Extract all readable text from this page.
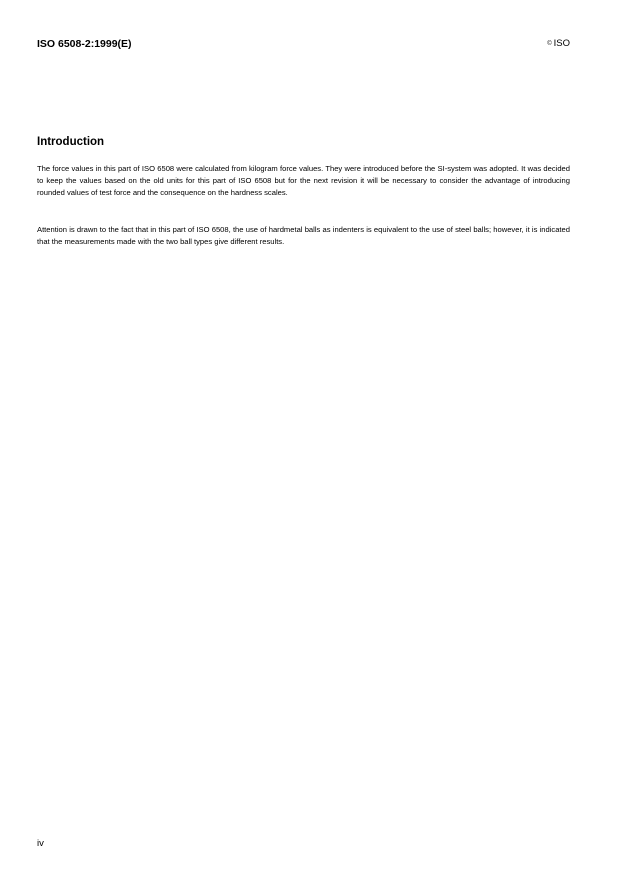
ISO 6508-2:1999(E)	© ISO
Introduction

The force values in this part of ISO 6508 were calculated from kilogram force values. They were introduced before the SI-system was adopted. It was decided to keep the values based on the old units for this part of ISO 6508 but for the next revision it will be necessary to consider the advantage of introducing rounded values of test force and the consequence on the hardness scales.

Attention is drawn to the fact that in this part of ISO 6508, the use of hardmetal balls as indenters is equivalent to the use of steel balls; however, it is indicated that the measurements made with the two ball types give different results.

iv
